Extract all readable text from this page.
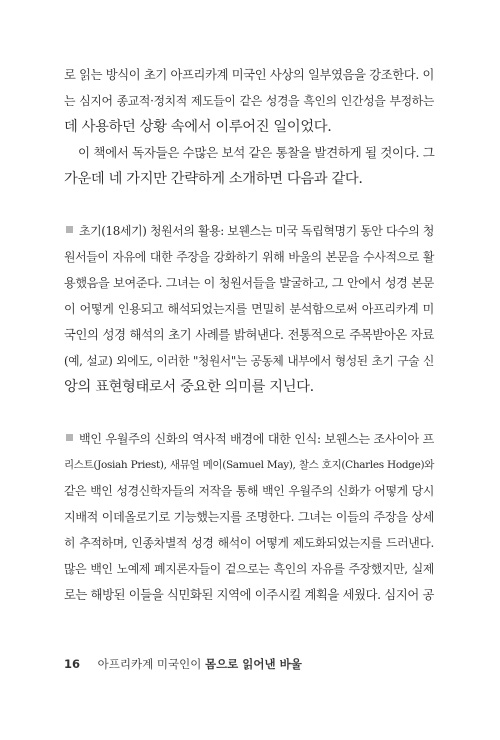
로 읽는 방식이 초기 아프리카계 미국인 사상의 일부였음을 강조한다. 이
는 심지어 종교적·정치적 제도들이 같은 성경을 흑인의 인간성을 부정하는
데 사용하던 상황 속에서 이루어진 일이었다.
이 책에서 독자들은 수많은 보석 같은 통찰을 발견하게 될 것이다. 그
가운데 네 가지만 간략하게 소개하면 다음과 같다.
초기(18세기) 청원서의 활용: 보웬스는 미국 독립혁명기 동안 다수의 청
원서들이 자유에 대한 주장을 강화하기 위해 바울의 본문을 수사적으로 활
용했음을 보여준다. 그녀는 이 청원서들을 발굴하고, 그 안에서 성경 본문
이 어떻게 인용되고 해석되었는지를 면밀히 분석함으로써 아프리카계 미
국인의 성경 해석의 초기 사례를 밝혀낸다. 전통적으로 주목받아온 자료
(예, 설교) 외에도, 이러한 "청원서"는 공동체 내부에서 형성된 초기 구술 신
앙의 표현형태로서 중요한 의미를 지닌다.
백인 우월주의 신화의 역사적 배경에 대한 인식: 보웬스는 조사이아 프
리스트(Josiah Priest), 새뮤얼 메이(Samuel May), 찰스 호지(Charles Hodge)와
같은 백인 성경신학자들의 저작을 통해 백인 우월주의 신화가 어떻게 당시
지배적 이데올로기로 기능했는지를 조명한다. 그녀는 이들의 주장을 상세
히 추적하며, 인종차별적 성경 해석이 어떻게 제도화되었는지를 드러낸다.
많은 백인 노예제 폐지론자들이 겉으로는 흑인의 자유를 주장했지만, 실제
로는 해방된 이들을 식민화된 지역에 이주시킬 계획을 세웠다. 심지어 공
16 아프리카계 미국인이 몸으로 읽어낸 바울
